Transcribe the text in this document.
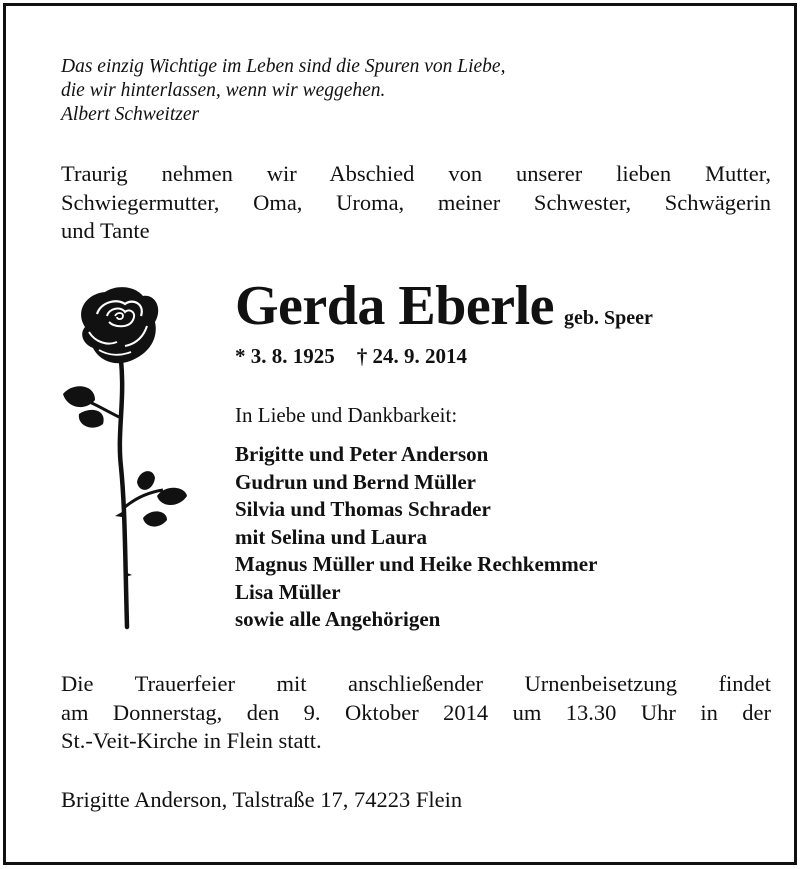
Das einzig Wichtige im Leben sind die Spuren von Liebe,
die wir hinterlassen, wenn wir weggehen.
Albert Schweitzer
Traurig nehmen wir Abschied von unserer lieben Mutter,
Schwiegermutter, Oma, Uroma, meiner Schwester, Schwägerin
und Tante
Gerda Eberle geb. Speer
* 3. 8. 1925 † 24. 9. 2014
In Liebe und Dankbarkeit:
Brigitte und Peter Anderson
Gudrun und Bernd Müller
Silvia und Thomas Schrader
mit Selina und Laura
Magnus Müller und Heike Rechkemmer
Lisa Müller
sowie alle Angehörigen
Die Trauerfeier mit anschließender Urnenbeisetzung findet
am Donnerstag, den 9. Oktober 2014 um 13.30 Uhr in der
St.-Veit-Kirche in Flein statt.
Brigitte Anderson, Talstraße 17, 74223 Flein
